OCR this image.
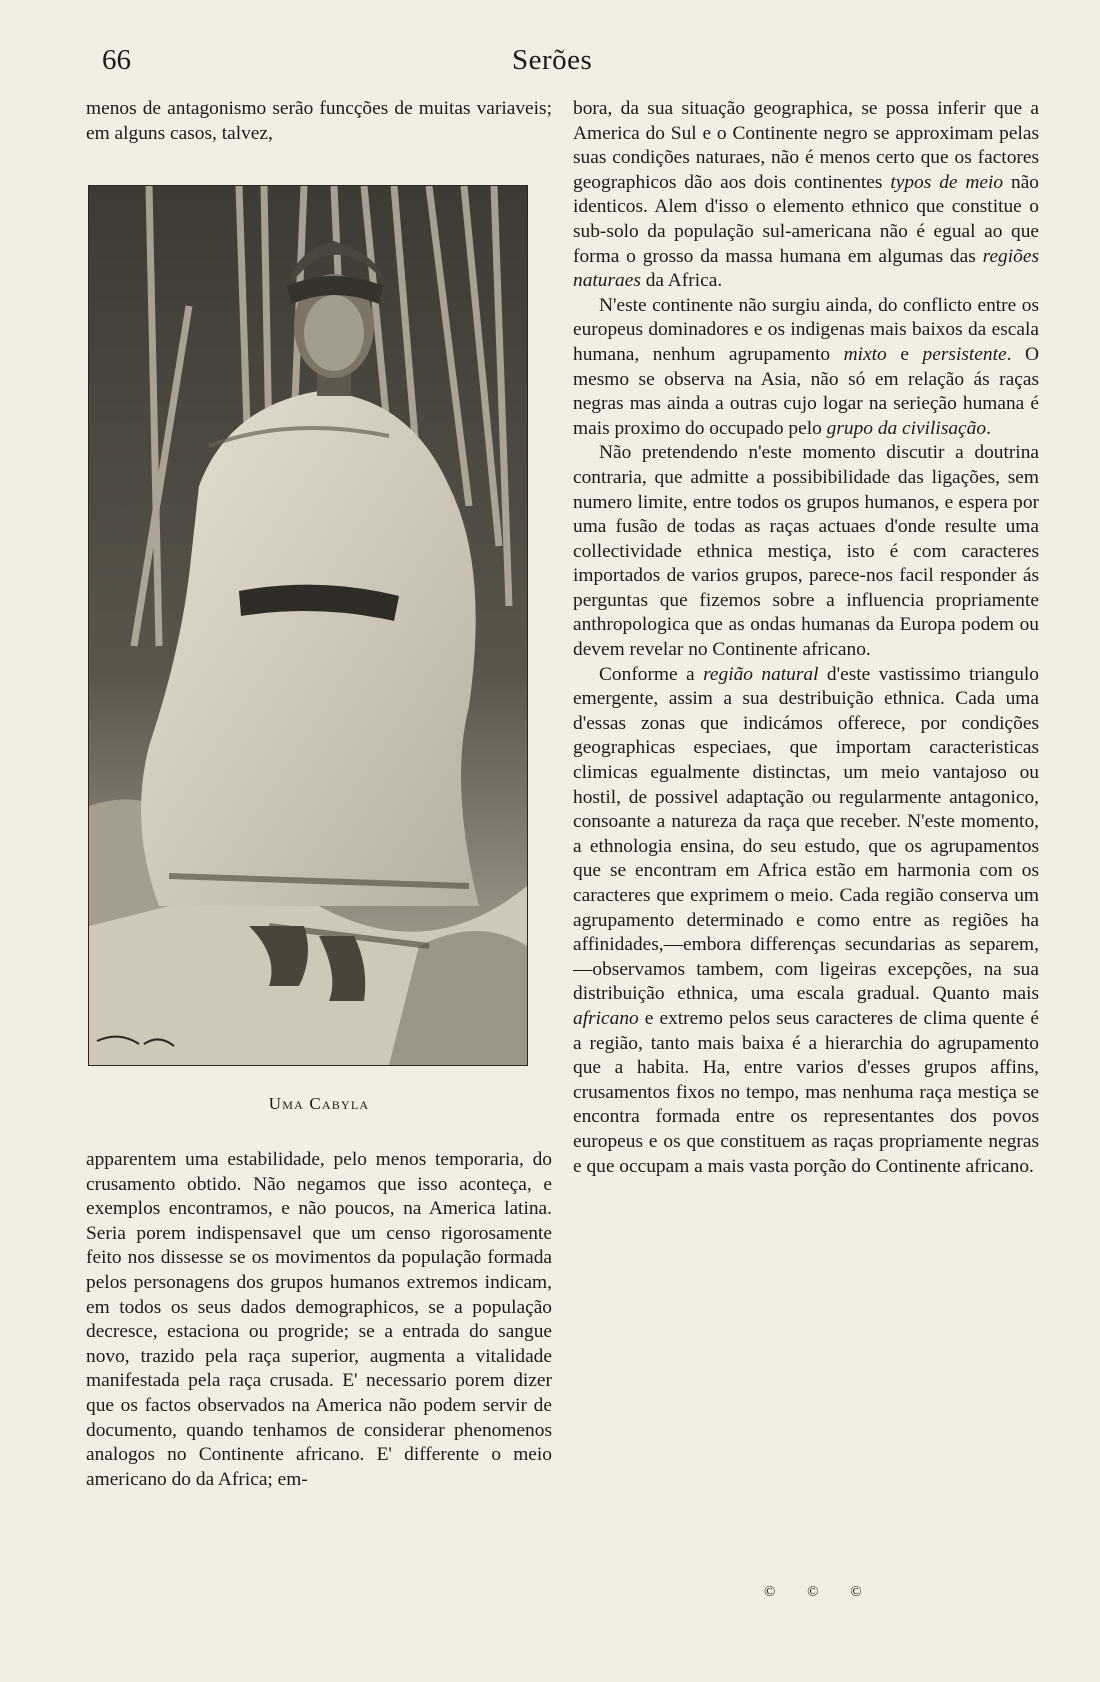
66	Serões

menos de antagonismo serão funcções de muitas variaveis; em alguns casos, talvez,

Uma Cabyla

apparentem uma estabilidade, pelo menos temporaria, do crusamento obtido. Não negamos que isso aconteça, e exemplos encontramos, e não poucos, na America latina. Seria porem indispensavel que um censo rigorosamente feito nos dissesse se os movimentos da população formada pelos personagens dos grupos humanos extremos indicam, em todos os seus dados demographicos, se a população decresce, estaciona ou progride; se a entrada do sangue novo, trazido pela raça superior, augmenta a vitalidade manifestada pela raça crusada. E' necessario porem dizer que os factos observados na America não podem servir de documento, quando tenhamos de considerar phenomenos analogos no Continente africano. E' differente o meio americano do da Africa; em-

bora, da sua situação geographica, se possa inferir que a America do Sul e o Continente negro se approximam pelas suas condições naturaes, não é menos certo que os factores geographicos dão aos dois continentes typos de meio não identicos. Alem d'isso o elemento ethnico que constitue o sub-solo da população sul-americana não é egual ao que forma o grosso da massa humana em algumas das regiões naturaes da Africa.

N'este continente não surgiu ainda, do conflicto entre os europeus dominadores e os indigenas mais baixos da escala humana, nenhum agrupamento mixto e persistente. O mesmo se observa na Asia, não só em relação ás raças negras mas ainda a outras cujo logar na serieção humana é mais proximo do occupado pelo grupo da civilisação.

Não pretendendo n'este momento discutir a doutrina contraria, que admitte a possibibilidade das ligações, sem numero limite, entre todos os grupos humanos, e espera por uma fusão de todas as raças actuaes d'onde resulte uma collectividade ethnica mestiça, isto é com caracteres importados de varios grupos, parece-nos facil responder ás perguntas que fizemos sobre a influencia propriamente anthropologica que as ondas humanas da Europa podem ou devem revelar no Continente africano.

Conforme a região natural d'este vastissimo triangulo emergente, assim a sua destribuição ethnica. Cada uma d'essas zonas que indicámos offerece, por condições geographicas especiaes, que importam caracteristicas climicas egualmente distinctas, um meio vantajoso ou hostil, de possivel adaptação ou regularmente antagonico, consoante a natureza da raça que receber. N'este momento, a ethnologia ensina, do seu estudo, que os agrupamentos que se encontram em Africa estão em harmonia com os caracteres que exprimem o meio. Cada região conserva um agrupamento determinado e como entre as regiões ha affinidades,—embora differenças secundarias as separem,—observamos tambem, com ligeiras excepções, na sua distribuição ethnica, uma escala gradual. Quanto mais africano e extremo pelos seus caracteres de clima quente é a região, tanto mais baixa é a hierarchia do agrupamento que a habita. Ha, entre varios d'esses grupos affins, crusamentos fixos no tempo, mas nenhuma raça mestiça se encontra formada entre os representantes dos povos europeus e os que constituem as raças propriamente negras e que occupam a mais vasta porção do Continente africano.

© © ©
